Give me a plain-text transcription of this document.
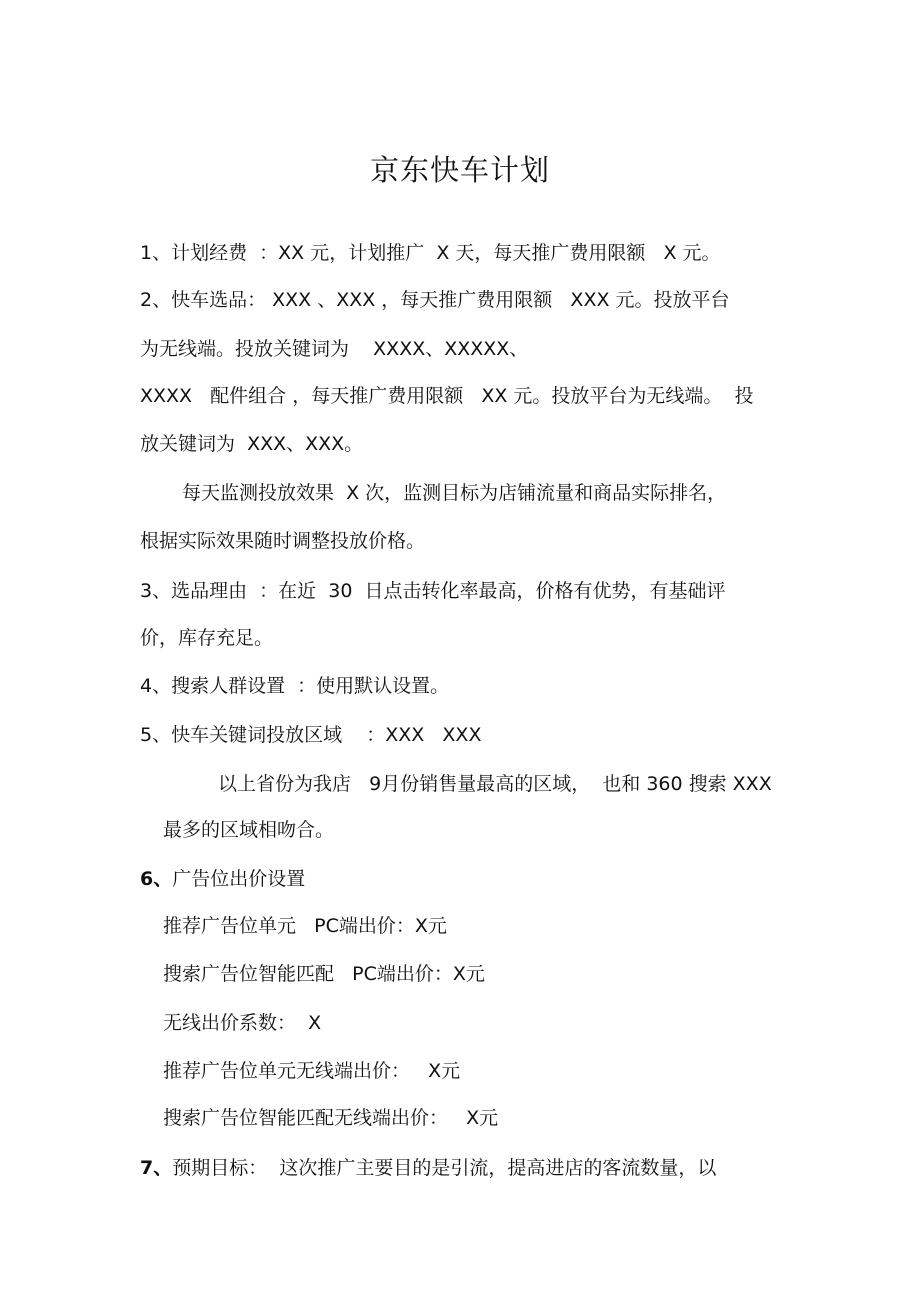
京东快车计划
1、计划经费  ：XX 元，计划推广  X 天，每天推广费用限额   X 元。
2、快车选品： XXX 、XXX ，每天推广费用限额   XXX 元。投放平台
为无线端。投放关键词为    XXXX、XXXXX、
XXXX   配件组合 ，每天推广费用限额   XX 元。投放平台为无线端。  投
放关键词为  XXX、XXX。
每天监测投放效果  X 次，监测目标为店铺流量和商品实际排名，
根据实际效果随时调整投放价格。
3、选品理由  ：在近  30  日点击转化率最高，价格有优势，有基础评
价，库存充足。
4、搜索人群设置  ：使用默认设置。
5、快车关键词投放区域    ：XXX   XXX
以上省份为我店   9月份销售量最高的区域，  也和 360 搜索 XXX
最多的区域相吻合。
6、广告位出价设置
推荐广告位单元   PC端出价：X元
搜索广告位智能匹配   PC端出价：X元
无线出价系数：  X
推荐广告位单元无线端出价：   X元
搜索广告位智能匹配无线端出价：   X元
7、预期目标：  这次推广主要目的是引流，提高进店的客流数量，以
